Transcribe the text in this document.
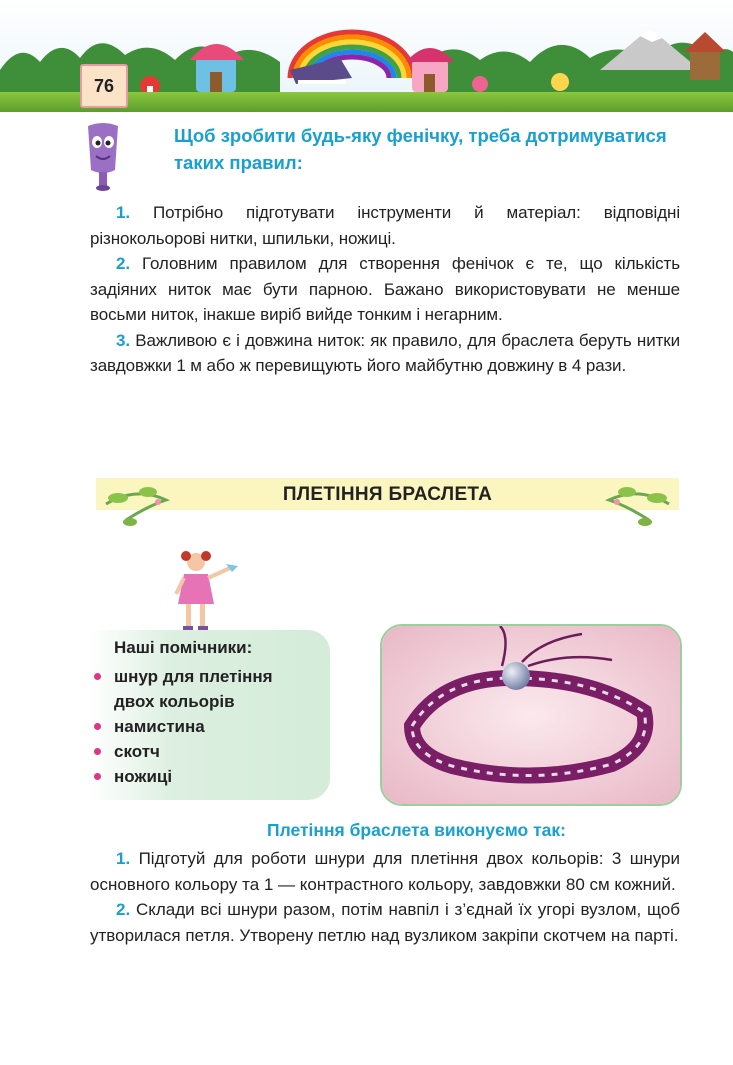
76
Щоб зробити будь-яку фенічку, треба дотримуватися таких правил:

1. Потрібно підготувати інструменти й матеріал: відповідні різнокольорові нитки, шпильки, ножиці.

2. Головним правилом для створення фенічок є те, що кількість задіяних ниток має бути парною. Бажано використовувати не менше восьми ниток, інакше виріб вийде тонким і негарним.

3. Важливою є і довжина ниток: як правило, для браслета беруть нитки завдовжки 1 м або ж перевищують його майбутню довжину в 4 рази.

ПЛЕТІННЯ БРАСЛЕТА
Наші помічники:
шнур для плетіння
двох кольорів
намистина
скотч
ножиці
Плетіння браслета виконуємо так:

1. Підготуй для роботи шнури для плетіння двох кольорів: 3 шнури основного кольору та 1 — контрастного кольору, завдовжки 80 см кожний.

2. Склади всі шнури разом, потім навпіл і з’єднай їх угорі вузлом, щоб утворилася петля. Утворену петлю над вузликом закріпи скотчем на парті.
